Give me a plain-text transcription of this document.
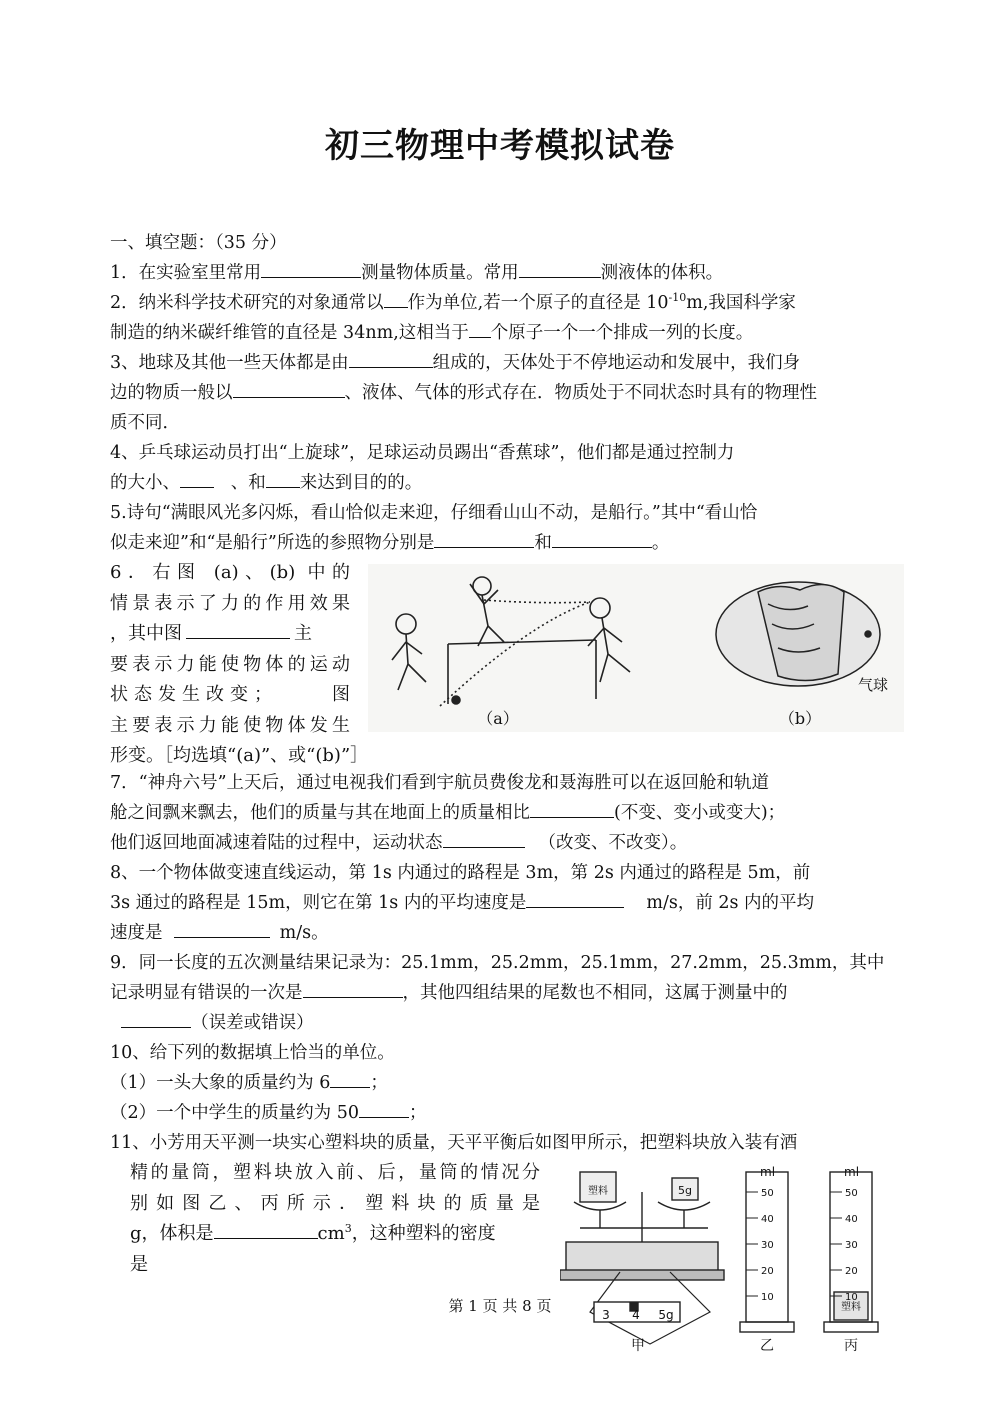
初三物理中考模拟试卷
一、填空题：（35 分）
1．在实验室里常用	测量物体质量。常用	测液体的体积。
2．纳米科学技术研究的对象通常以 作为单位,若一个原子的直径是 $10^{-10}m$,我国科学家
制造的纳米碳纤维管的直径是 34nm,这相当于 个原子一个一个排成一列的长度。
3、地球及其他一些天体都是由	组成的，天体处于不停地运动和发展中，我们身
边的物质一般以	、液体、气体的形式存在．物质处于不同状态时具有的物理性
质不同．
4、乒乓球运动员打出“上旋球”，足球运动员踢出“香蕉球”，他们都是通过控制力
的大小、	、和 来达到目的的。
5.诗句“满眼风光多闪烁，看山恰似走来迎，仔细看山山不动，是船行。”其中“看山恰
似走来迎”和“是船行”所选的参照物分别是	和	。
6．右图 (a)、(b) 中的
情景表示了力的作用效果
，其中图	主
要表示力能使物体的运动
状态发生改变；	图
主要表示力能使物体发生
形变。［均选填“(a)”、或“(b)”］
（a）	（b）
气球
7．“神舟六号”上天后，通过电视我们看到宇航员费俊龙和聂海胜可以在返回舱和轨道
舱之间飘来飘去，他们的质量与其在地面上的质量相比	(不变、变小或变大)；
他们返回地面减速着陆的过程中，运动状态	（改变、不改变）。
8、一个物体做变速直线运动，第 1s 内通过的路程是 3m，第 2s 内通过的路程是 5m，前
3s 通过的路程是 15m，则它在第 1s 内的平均速度是	m/s，前 2s 内的平均
速度是	m/s。
9．同一长度的五次测量结果记录为：25.1mm，25.2mm，25.1mm，27.2mm，25.3mm，其中
记录明显有错误的一次是	，其他四组结果的尾数也不相同，这属于测量中的
（误差或错误）
10、给下列的数据填上恰当的单位。
（1）一头大象的质量约为 6 ；
（2）一个中学生的质量约为 50	；
11、小芳用天平测一块实心塑料块的质量，天平平衡后如图甲所示，把塑料块放入装有酒
精的量筒，塑料块放入前、后，量筒的情况分
别如图乙、丙所示．塑料块的质量是
g，体积是	$cm^3$，这种塑料的密度
是
塑料	5g
3 4 5g
甲
ml
50
40
30
20
10
乙
ml
塑料
50
40
30
20
10
丙
第 1 页 共 8 页
